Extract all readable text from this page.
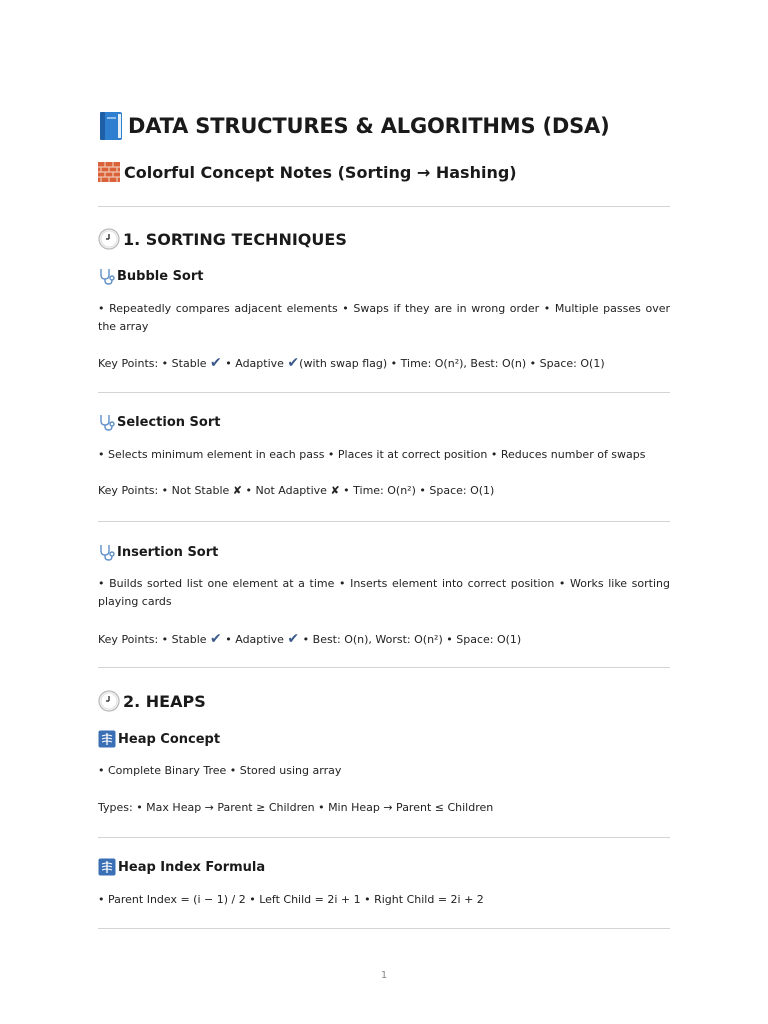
DATA STRUCTURES & ALGORITHMS (DSA)
Colorful Concept Notes (Sorting → Hashing)
1. SORTING TECHNIQUES
Bubble Sort
• Repeatedly compares adjacent elements • Swaps if they are in wrong order • Multiple passes over the array
Key Points: • Stable ✔ • Adaptive ✔(with swap flag) • Time: O(n²), Best: O(n) • Space: O(1)
Selection Sort
• Selects minimum element in each pass • Places it at correct position • Reduces number of swaps
Key Points: • Not Stable ✘ • Not Adaptive ✘ • Time: O(n²) • Space: O(1)
Insertion Sort
• Builds sorted list one element at a time • Inserts element into correct position • Works like sorting playing cards
Key Points: • Stable ✔ • Adaptive ✔ • Best: O(n), Worst: O(n²) • Space: O(1)
2. HEAPS
Heap Concept
• Complete Binary Tree • Stored using array
Types: • Max Heap → Parent ≥ Children • Min Heap → Parent ≤ Children
Heap Index Formula
• Parent Index = (i − 1) / 2 • Left Child = 2i + 1 • Right Child = 2i + 2
1
